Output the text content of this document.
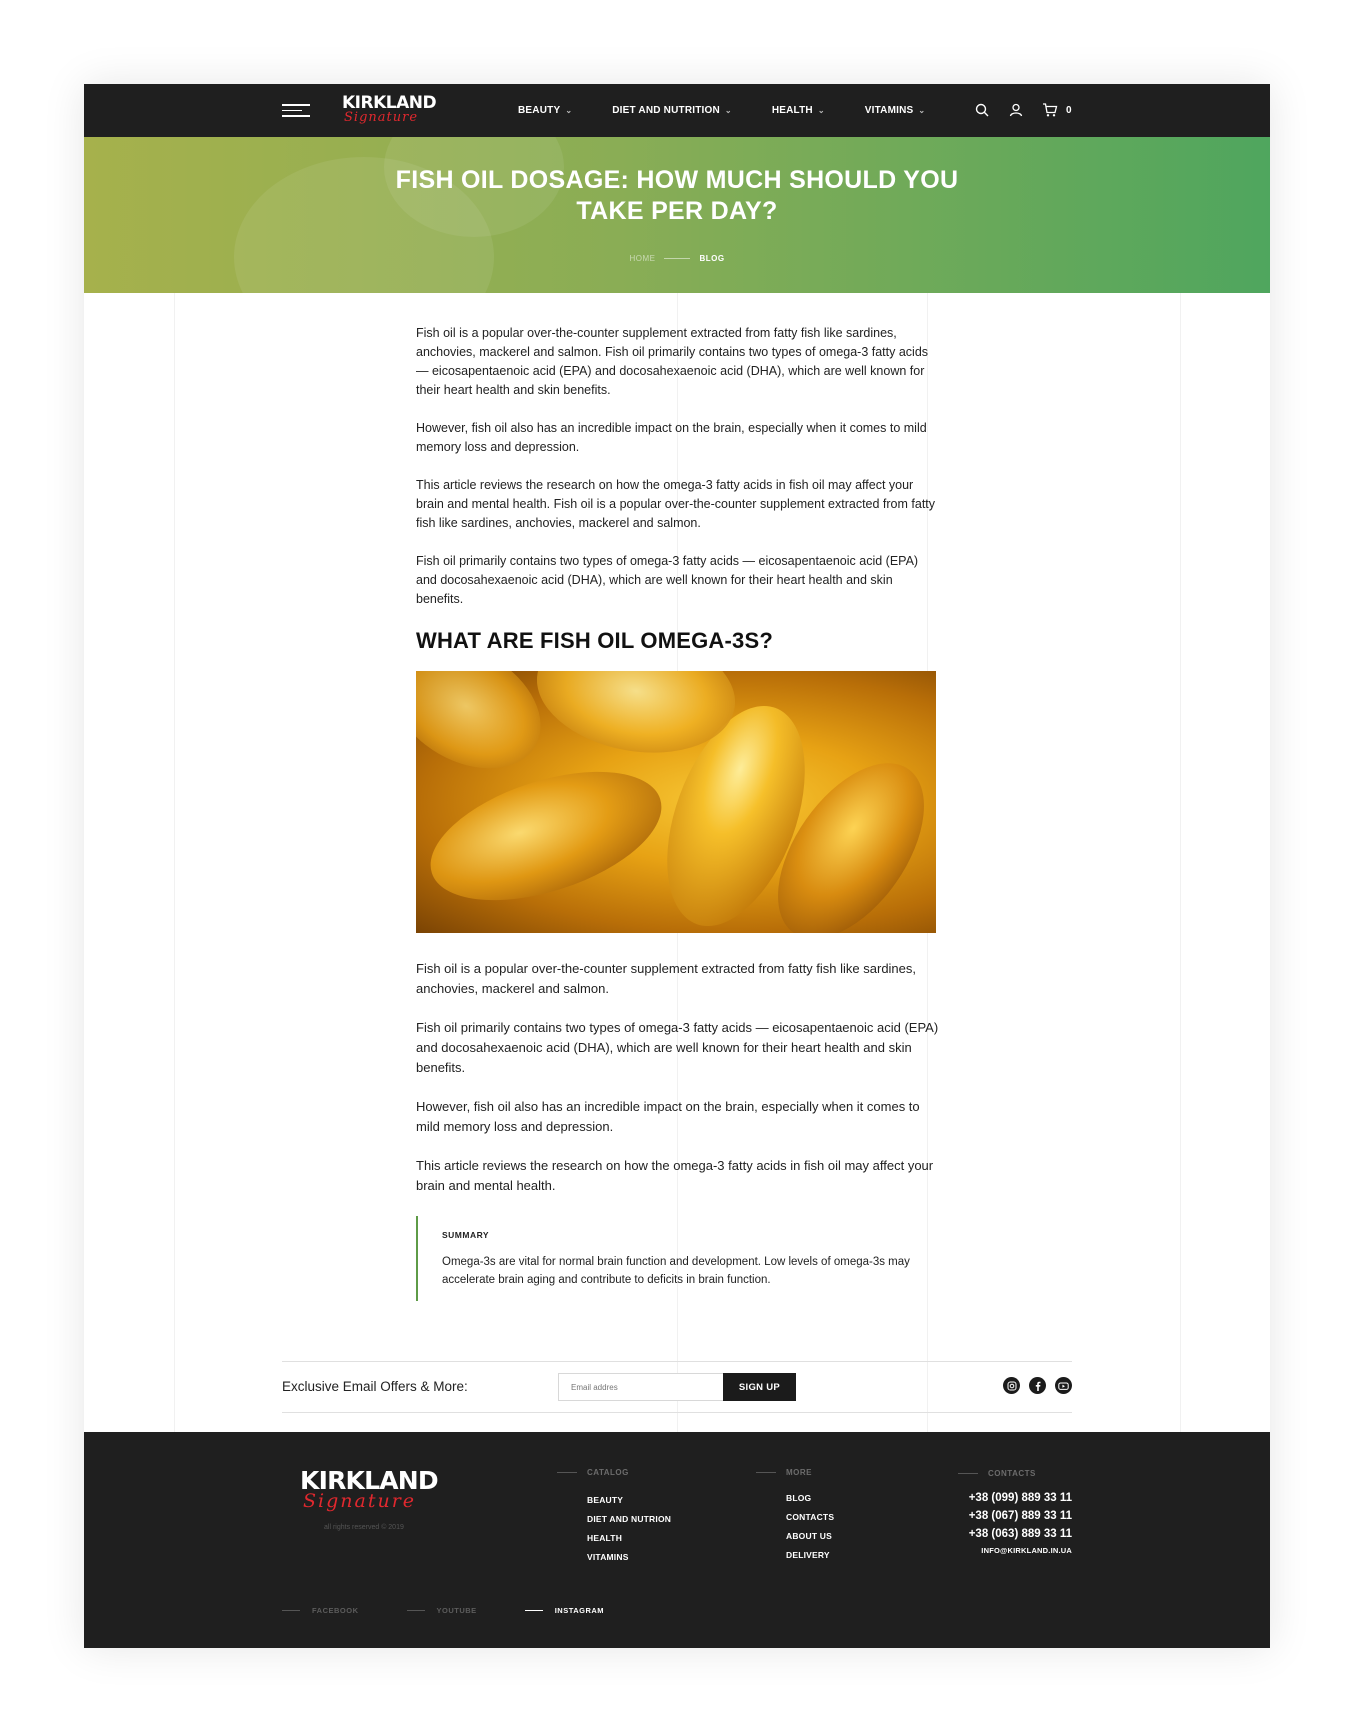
KIRKLAND
Signature	BEAUTY ⌄	DIET AND NUTRITION ⌄	HEALTH ⌄	VITAMINS ⌄	0
FISH OIL DOSAGE: HOW MUCH SHOULD YOU
TAKE PER DAY?
HOME	BLOG

Fish oil is a popular over-the-counter supplement extracted from fatty fish like sardines, anchovies, mackerel and salmon. Fish oil primarily contains two types of omega-3 fatty acids — eicosapentaenoic acid (EPA) and docosahexaenoic acid (DHA), which are well known for their heart health and skin benefits.

However, fish oil also has an incredible impact on the brain, especially when it comes to mild memory loss and depression.

This article reviews the research on how the omega-3 fatty acids in fish oil may affect your brain and mental health. Fish oil is a popular over-the-counter supplement extracted from fatty fish like sardines, anchovies, mackerel and salmon.

Fish oil primarily contains two types of omega-3 fatty acids — eicosapentaenoic acid (EPA) and docosahexaenoic acid (DHA), which are well known for their heart health and skin benefits.

WHAT ARE FISH OIL OMEGA-3S?

Fish oil is a popular over-the-counter supplement extracted from fatty fish like sardines, anchovies, mackerel and salmon.

Fish oil primarily contains two types of omega-3 fatty acids — eicosapentaenoic acid (EPA) and docosahexaenoic acid (DHA), which are well known for their heart health and skin benefits.

However, fish oil also has an incredible impact on the brain, especially when it comes to mild memory loss and depression.

This article reviews the research on how the omega-3 fatty acids in fish oil may affect your brain and mental health.

SUMMARY
Omega-3s are vital for normal brain function and development. Low levels of omega-3s may accelerate brain aging and contribute to deficits in brain function.
Exclusive Email Offers & More:
Email addres	SIGN UP
KIRKLAND
Signature
all rights reserved © 2019
CATALOG
BEAUTY
DIET AND NUTRION
HEALTH
VITAMINS
MORE
BLOG
CONTACTS
ABOUT US
DELIVERY
CONTACTS
+38 (099) 889 33 11
+38 (067) 889 33 11
+38 (063) 889 33 11
INFO@KIRKLAND.IN.UA
FACEBOOK	YOUTUBE	INSTAGRAM
